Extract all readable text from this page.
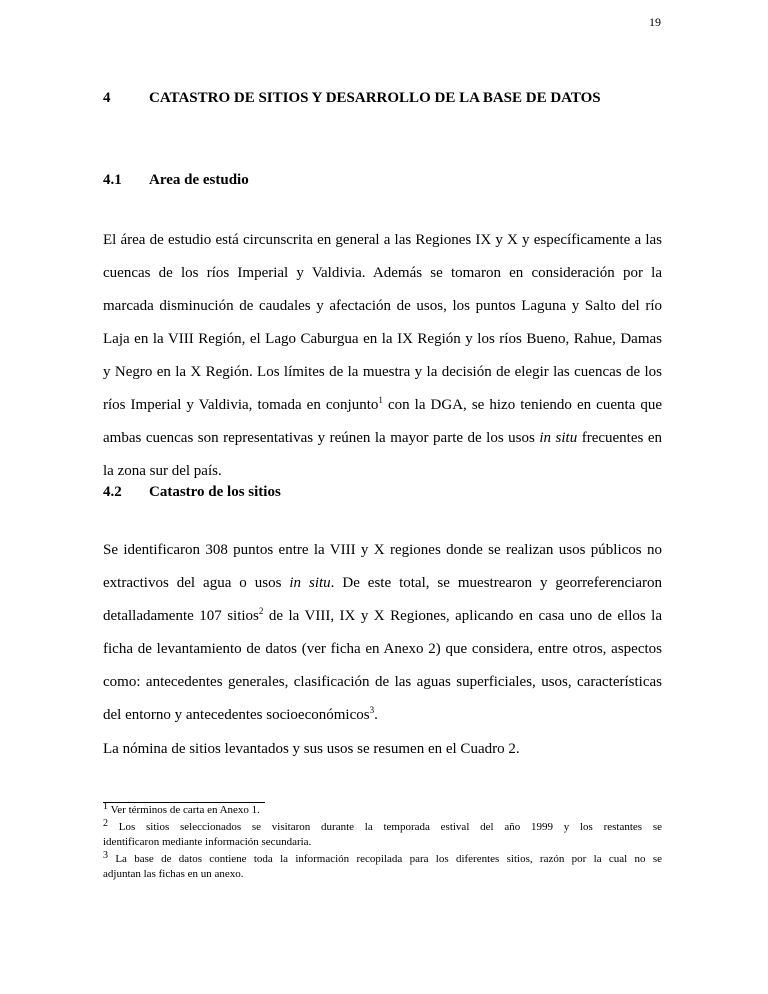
19
4	CATASTRO DE SITIOS Y DESARROLLO DE LA BASE DE DATOS
4.1 Area de estudio
El área de estudio está circunscrita en general a las Regiones IX y X y específicamente a las
cuencas de los ríos Imperial y Valdivia. Además se tomaron en consideración por la
marcada disminución de caudales y afectación de usos, los puntos Laguna y Salto del río
Laja en la VIII Región, el Lago Caburgua en la IX Región y los ríos Bueno, Rahue, Damas
y Negro en la X Región. Los límites de la muestra y la decisión de elegir las cuencas de los
ríos Imperial y Valdivia, tomada en conjunto$^1$ con la DGA, se hizo teniendo en cuenta que
ambas cuencas son representativas y reúnen la mayor parte de los usos in situ frecuentes en
la zona sur del país.
4.2 Catastro de los sitios
Se identificaron 308 puntos entre la VIII y X regiones donde se realizan usos públicos no
extractivos del agua o usos in situ. De este total, se muestrearon y georreferenciaron
detalladamente 107 sitios$^2$ de la VIII, IX y X Regiones, aplicando en casa uno de ellos la
ficha de levantamiento de datos (ver ficha en Anexo 2) que considera, entre otros, aspectos
como: antecedentes generales, clasificación de las aguas superficiales, usos, características
del entorno y antecedentes socioeconómicos$^3$.
La nómina de sitios levantados y sus usos se resumen en el Cuadro 2.
$^1$ Ver términos de carta en Anexo 1.
$^2$ Los sitios seleccionados se visitaron durante la temporada estival del año 1999 y los restantes se
identificaron mediante información secundaria.
$^3$ La base de datos contiene toda la información recopilada para los diferentes sitios, razón por la cual no se
adjuntan las fichas en un anexo.
